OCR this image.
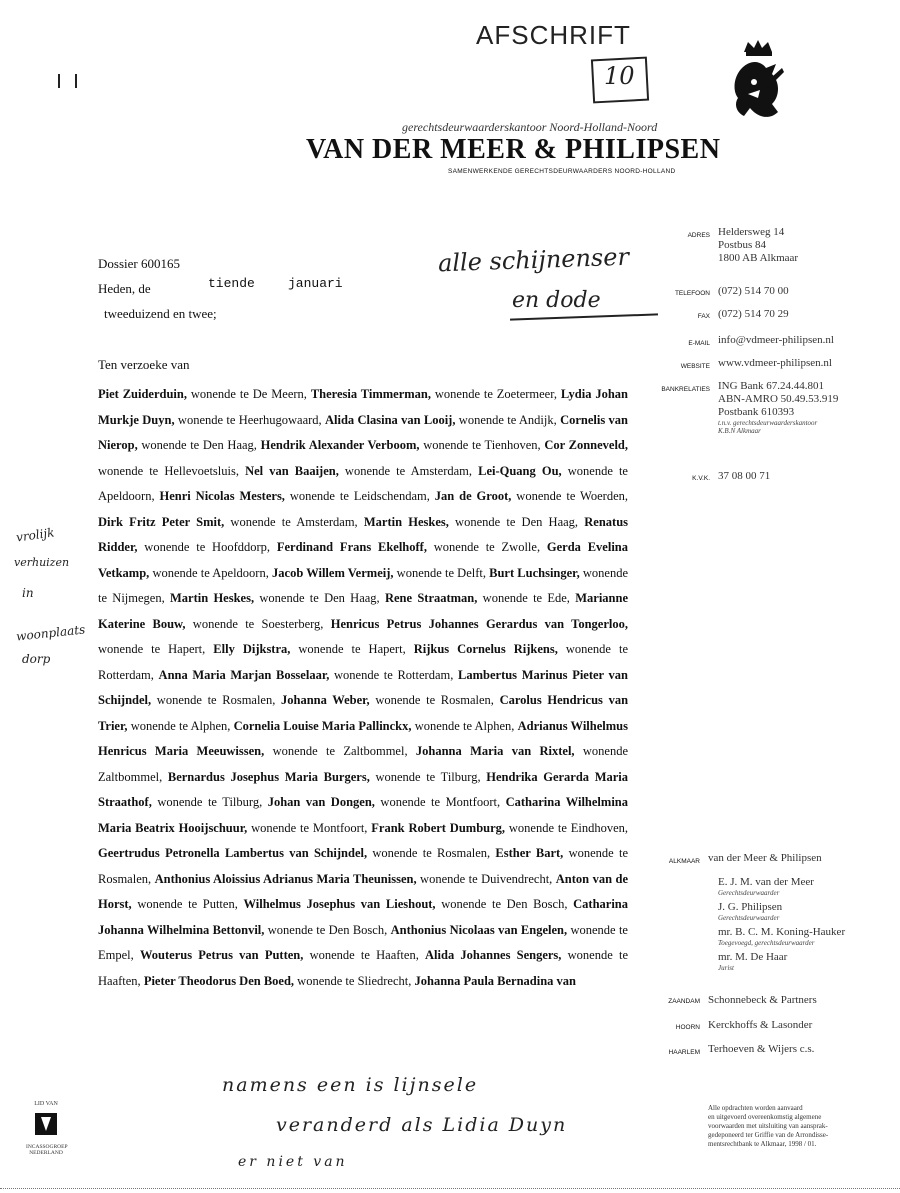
AFSCHRIFT
10
gerechtsdeurwaarderskantoor Noord-Holland-Noord
VAN DER MEER & PHILIPSEN
SAMENWERKENDE GERECHTSDEURWAARDERS NOORD-HOLLAND
ADRES Heldersweg 14
Postbus 84
1800 AB Alkmaar
TELEFOON (072) 514 70 00
FAX (072) 514 70 29
E-MAIL info@vdmeer-philipsen.nl
WEBSITE www.vdmeer-philipsen.nl
BANKRELATIES ING Bank 67.24.44.801
ABN-AMRO 50.49.53.919
Postbank 610393
t.n.v. gerechtsdeurwaarderskantoor
K.B.N Alkmaar
K.V.K. 37 08 00 71
Dossier 600165
Heden, de	tiende	januari
tweeduizend en twee;
Ten verzoeke van
alle schijnenser
en dode
vrolijk
verhuizen
in
woonplaats
dorp
Piet Zuiderduin, wonende te De Meern, Theresia Timmerman, wonende te Zoetermeer, Lydia Johan Murkje Duyn, wonende te Heerhugowaard, Alida Clasina van Looij, wonende te Andijk, Cornelis van Nierop, wonende te Den Haag, Hendrik Alexander Verboom, wonende te Tienhoven, Cor Zonneveld, wonende te Hellevoetsluis, Nel van Baaijen, wonende te Amsterdam, Lei-Quang Ou, wonende te Apeldoorn, Henri Nicolas Mesters, wonende te Leidschendam, Jan de Groot, wonende te Woerden, Dirk Fritz Peter Smit, wonende te Amsterdam, Martin Heskes, wonende te Den Haag, Renatus Ridder, wonende te Hoofddorp, Ferdinand Frans Ekelhoff, wonende te Zwolle, Gerda Evelina Vetkamp, wonende te Apeldoorn, Jacob Willem Vermeij, wonende te Delft, Burt Luchsinger, wonende te Nijmegen, Martin Heskes, wonende te Den Haag, Rene Straatman, wonende te Ede, Marianne Katerine Bouw, wonende te Soesterberg, Henricus Petrus Johannes Gerardus van Tongerloo, wonende te Hapert, Elly Dijkstra, wonende te Hapert, Rijkus Cornelus Rijkens, wonende te Rotterdam, Anna Maria Marjan Bosselaar, wonende te Rotterdam, Lambertus Marinus Pieter van Schijndel, wonende te Rosmalen, Johanna Weber, wonende te Rosmalen, Carolus Hendricus van Trier, wonende te Alphen, Cornelia Louise Maria Pallinckx, wonende te Alphen, Adrianus Wilhelmus Henricus Maria Meeuwissen, wonende te Zaltbommel, Johanna Maria van Rixtel, wonende Zaltbommel, Bernardus Josephus Maria Burgers, wonende te Tilburg, Hendrika Gerarda Maria Straathof, wonende te Tilburg, Johan van Dongen, wonende te Montfoort, Catharina Wilhelmina Maria Beatrix Hooijschuur, wonende te Montfoort, Frank Robert Dumburg, wonende te Eindhoven, Geertrudus Petronella Lambertus van Schijndel, wonende te Rosmalen, Esther Bart, wonende te Rosmalen, Anthonius Aloissius Adrianus Maria Theunissen, wonende te Duivendrecht, Anton van de Horst, wonende te Putten, Wilhelmus Josephus van Lieshout, wonende te Den Bosch, Catharina Johanna Wilhelmina Bettonvil, wonende te Den Bosch, Anthonius Nicolaas van Engelen, wonende te Empel, Wouterus Petrus van Putten, wonende te Haaften, Alida Johannes Sengers, wonende te Haaften, Pieter Theodorus Den Boed, wonende te Sliedrecht, Johanna Paula Bernadina van
ALKMAAR van der Meer & Philipsen
E. J. M. van der Meer
Gerechtsdeurwaarder
J. G. Philipsen
Gerechtsdeurwaarder
mr. B. C. M. Koning-Hauker
Toegevoegd, gerechtsdeurwaarder
mr. M. De Haar
Jurist
ZAANDAM Schonnebeck & Partners
HOORN Kerckhoffs & Lasonder
HAARLEM Terhoeven & Wijers c.s.
namens een is lijnsele
veranderd als Lidia Duyn
er niet van
LID VAN
INCASSOGROEP
NEDERLAND
Alle opdrachten worden aanvaard
en uitgevoerd overeenkomstig algemene
voorwaarden met uitsluiting van aansprak-
gedeponeerd ter Griffie van de Arrondisse-
mentsrechtbank te Alkmaar, 1998 / 01.
